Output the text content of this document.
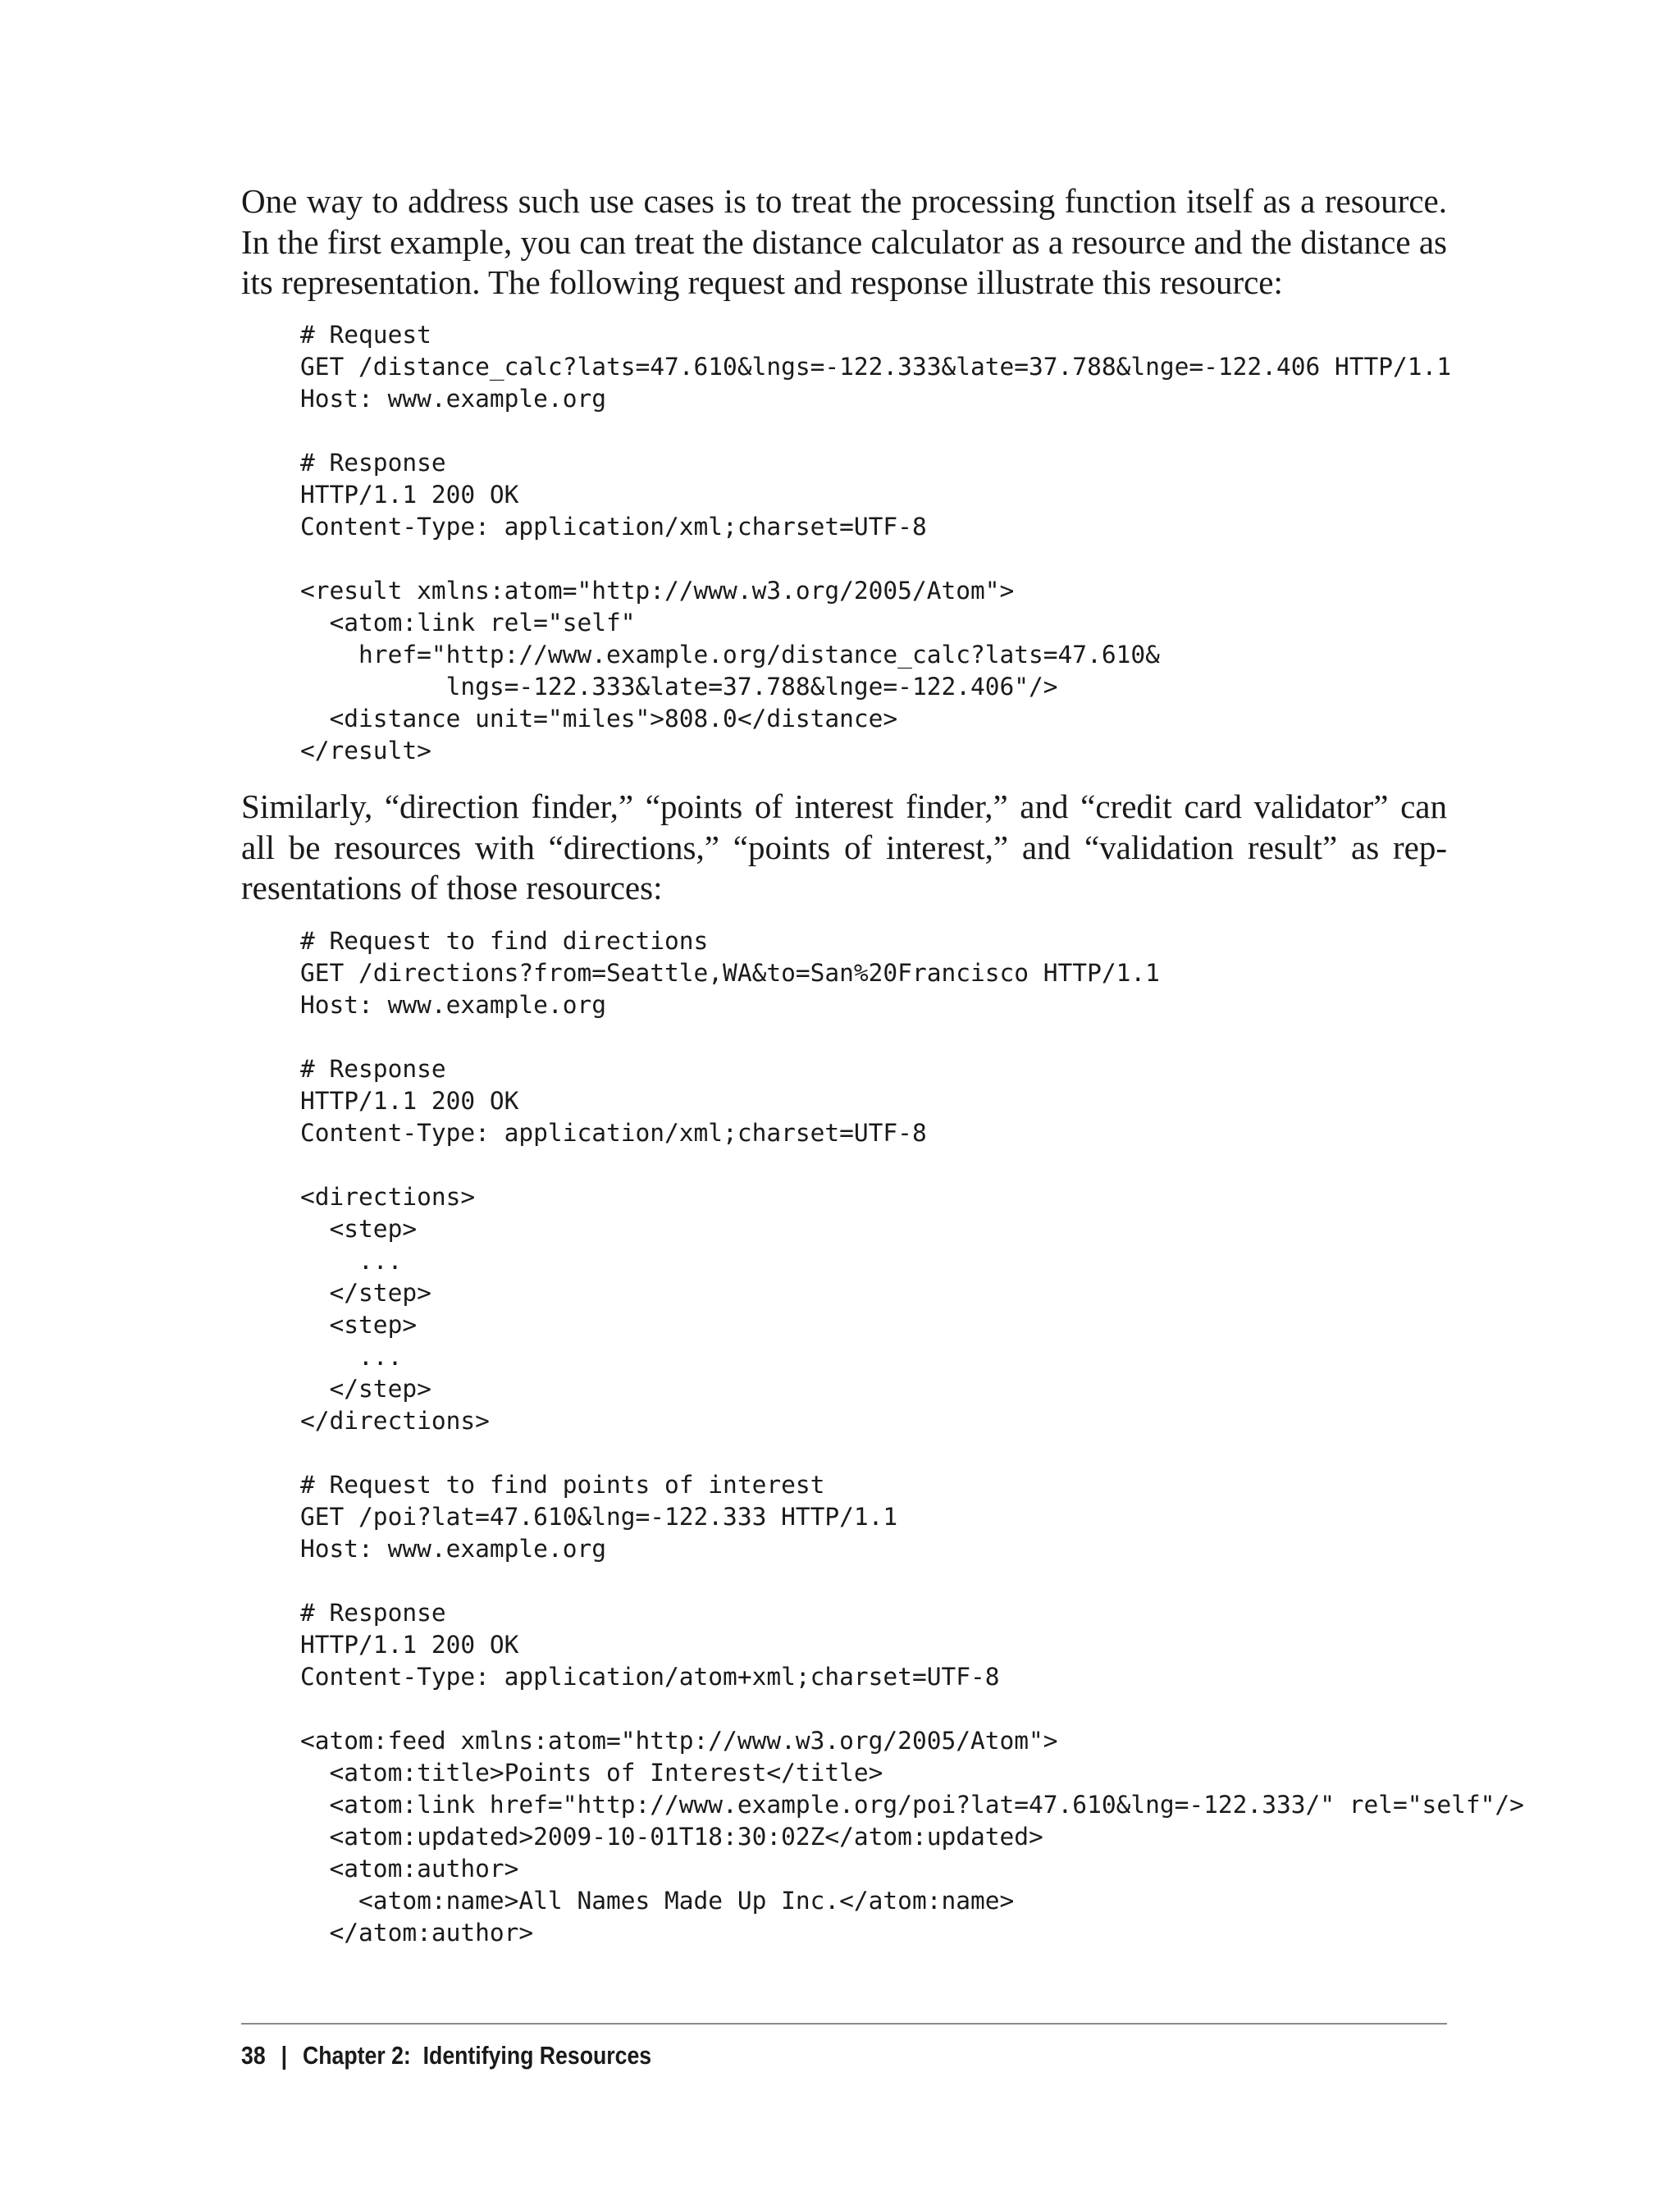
One way to address such use cases is to treat the processing function itself as a resource. In the first example, you can treat the distance calculator as a resource and the distance as its representation. The following request and response illustrate this resource:

# Request
GET /distance_calc?lats=47.610&lngs=-122.333&late=37.788&lnge=-122.406 HTTP/1.1
Host: www.example.org

# Response
HTTP/1.1 200 OK
Content-Type: application/xml;charset=UTF-8

<result xmlns:atom="http://www.w3.org/2005/Atom">
<atom:link rel="self"
href="http://www.example.org/distance_calc?lats=47.610&
lngs=-122.333&late=37.788&lnge=-122.406"/>
<distance unit="miles">808.0</distance>
</result>

Similarly, “direction finder,” “points of interest finder,” and “credit card validator” can all be resources with “directions,” “points of interest,” and “validation result” as representations of those resources:

# Request to find directions
GET /directions?from=Seattle,WA&to=San%20Francisco HTTP/1.1
Host: www.example.org

# Response
HTTP/1.1 200 OK
Content-Type: application/xml;charset=UTF-8

<directions>
<step>
...
</step>
<step>
...
</step>
</directions>

# Request to find points of interest
GET /poi?lat=47.610&lng=-122.333 HTTP/1.1
Host: www.example.org

# Response
HTTP/1.1 200 OK
Content-Type: application/atom+xml;charset=UTF-8

<atom:feed xmlns:atom="http://www.w3.org/2005/Atom">
<atom:title>Points of Interest</title>
<atom:link href="http://www.example.org/poi?lat=47.610&lng=-122.333/" rel="self"/>
<atom:updated>2009-10-01T18:30:02Z</atom:updated>
<atom:author>
<atom:name>All Names Made Up Inc.</atom:name>
</atom:author>
38 | Chapter 2:  Identifying Resources
